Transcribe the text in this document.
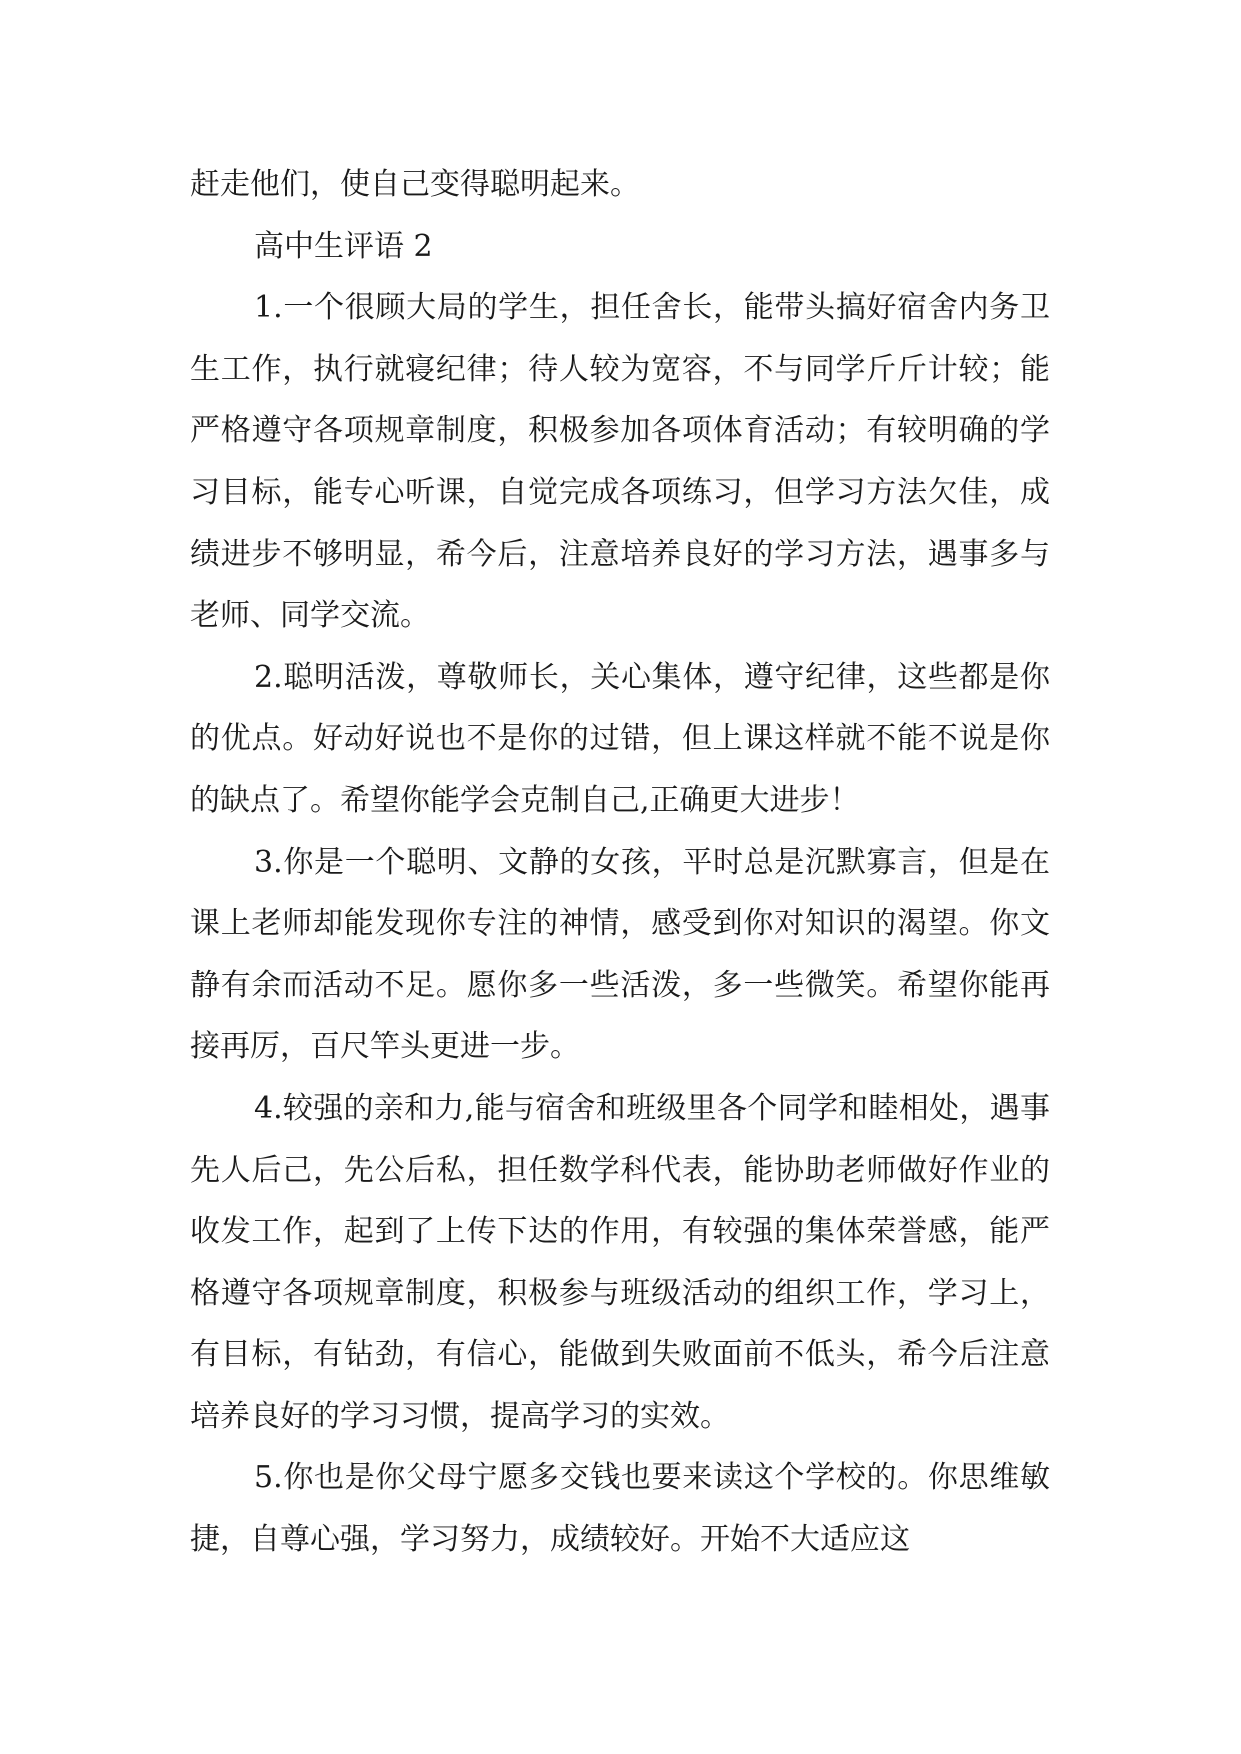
赶走他们，使自己变得聪明起来。

高中生评语 2

1.一个很顾大局的学生，担任舍长，能带头搞好宿舍内务卫生工作，执行就寝纪律；待人较为宽容，不与同学斤斤计较；能严格遵守各项规章制度，积极参加各项体育活动；有较明确的学习目标，能专心听课，自觉完成各项练习，但学习方法欠佳，成绩进步不够明显，希今后，注意培养良好的学习方法，遇事多与老师、同学交流。

2.聪明活泼，尊敬师长，关心集体，遵守纪律，这些都是你的优点。好动好说也不是你的过错，但上课这样就不能不说是你的缺点了。希望你能学会克制自己,正确更大进步！

3.你是一个聪明、文静的女孩，平时总是沉默寡言，但是在课上老师却能发现你专注的神情，感受到你对知识的渴望。你文静有余而活动不足。愿你多一些活泼，多一些微笑。希望你能再接再厉，百尺竿头更进一步。

4.较强的亲和力,能与宿舍和班级里各个同学和睦相处，遇事先人后己，先公后私，担任数学科代表，能协助老师做好作业的收发工作，起到了上传下达的作用，有较强的集体荣誉感，能严格遵守各项规章制度，积极参与班级活动的组织工作，学习上，有目标，有钻劲，有信心，能做到失败面前不低头，希今后注意培养良好的学习习惯，提高学习的实效。

5.你也是你父母宁愿多交钱也要来读这个学校的。你思维敏捷，自尊心强，学习努力，成绩较好。开始不大适应这
